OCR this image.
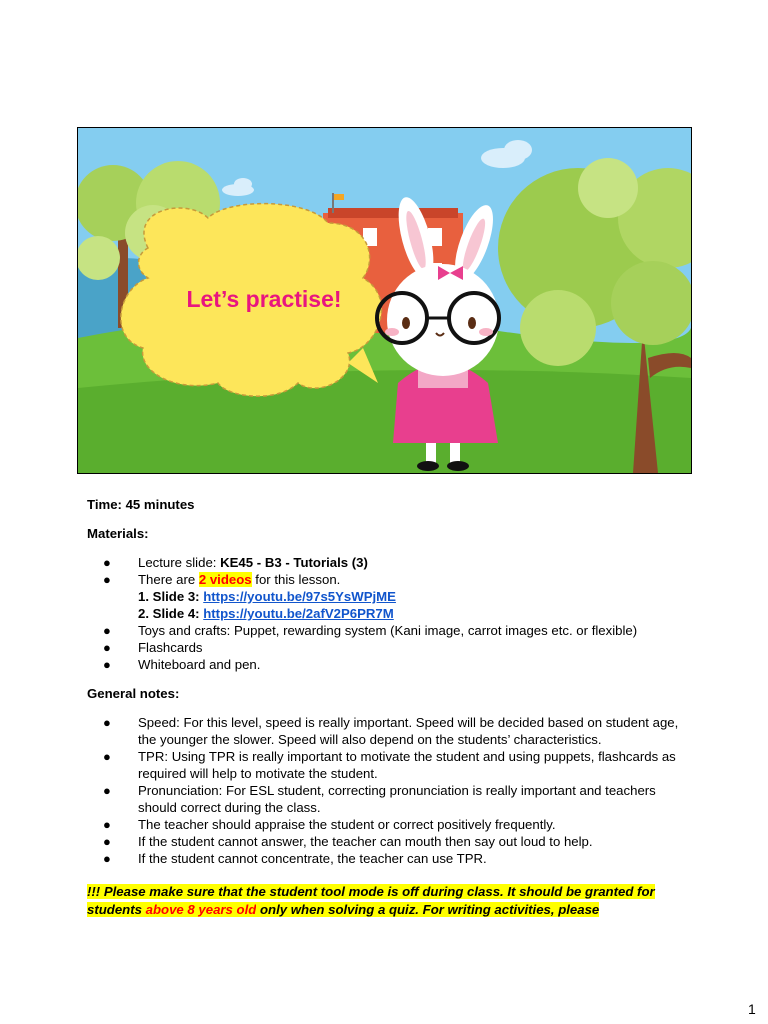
Let’s practise!

Time: 45 minutes

Materials:

● Lecture slide: KE45 - B3 - Tutorials (3)
● There are 2 videos for this lesson.
1. Slide 3: https://youtu.be/97s5YsWPjME
2. Slide 4: https://youtu.be/2afV2P6PR7M
● Toys and crafts: Puppet, rewarding system (Kani image, carrot images etc. or flexible)
● Flashcards
● Whiteboard and pen.

General notes:

● Speed: For this level, speed is really important. Speed will be decided based on student age, the younger the slower. Speed will also depend on the students’ characteristics.
● TPR: Using TPR is really important to motivate the student and using puppets, flashcards as required will help to motivate the student.
● Pronunciation: For ESL student, correcting pronunciation is really important and teachers should correct during the class.
● The teacher should appraise the student or correct positively frequently.
● If the student cannot answer, the teacher can mouth then say out loud to help.
● If the student cannot concentrate, the teacher can use TPR.

!!! Please make sure that the student tool mode is off during class. It should be granted for students above 8 years old only when solving a quiz. For writing activities, please

1
